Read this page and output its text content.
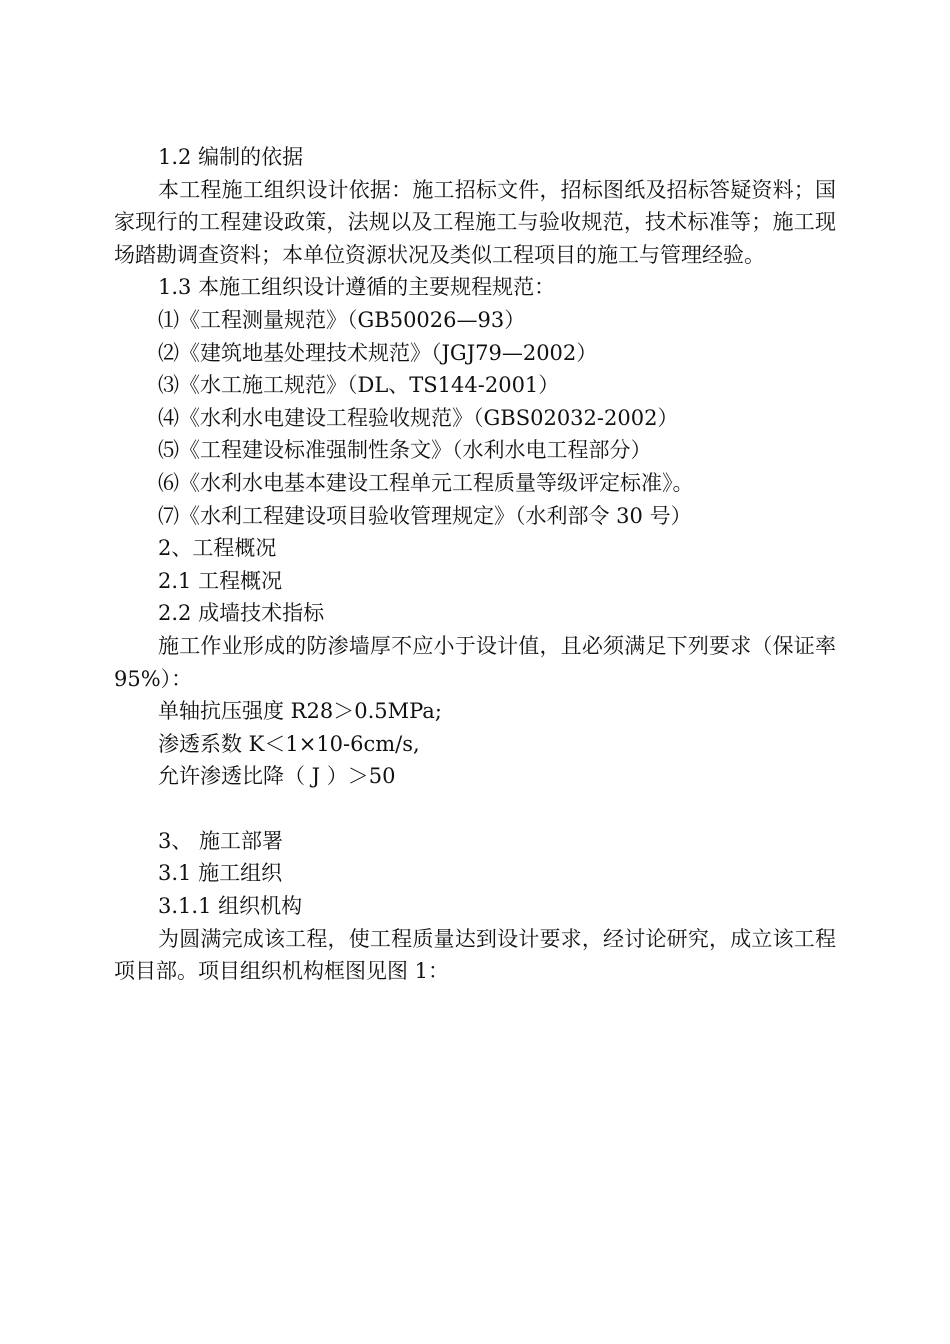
1.2 编制的依据

本工程施工组织设计依据：施工招标文件，招标图纸及招标答疑资料；国家现行的工程建设政策，法规以及工程施工与验收规范，技术标准等；施工现场踏勘调查资料；本单位资源状况及类似工程项目的施工与管理经验。

1.3 本施工组织设计遵循的主要规程规范：

⑴《工程测量规范》（GB50026—93）

⑵《建筑地基处理技术规范》（JGJ79—2002）

⑶《水工施工规范》（DL、TS144-2001）

⑷《水利水电建设工程验收规范》（GBS02032-2002）

⑸《工程建设标准强制性条文》（水利水电工程部分）

⑹《水利水电基本建设工程单元工程质量等级评定标准》。

⑺《水利工程建设项目验收管理规定》（水利部令 30 号）

2、工程概况

2.1 工程概况

2.2 成墙技术指标

施工作业形成的防渗墙厚不应小于设计值，且必须满足下列要求（保证率 95%）：

单轴抗压强度 R28＞0.5MPa;

渗透系数 K＜1×10-6cm/s,

允许渗透比降（ J ）＞50

3、 施工部署

3.1 施工组织

3.1.1 组织机构

为圆满完成该工程，使工程质量达到设计要求，经讨论研究，成立该工程项目部。项目组织机构框图见图 1：
